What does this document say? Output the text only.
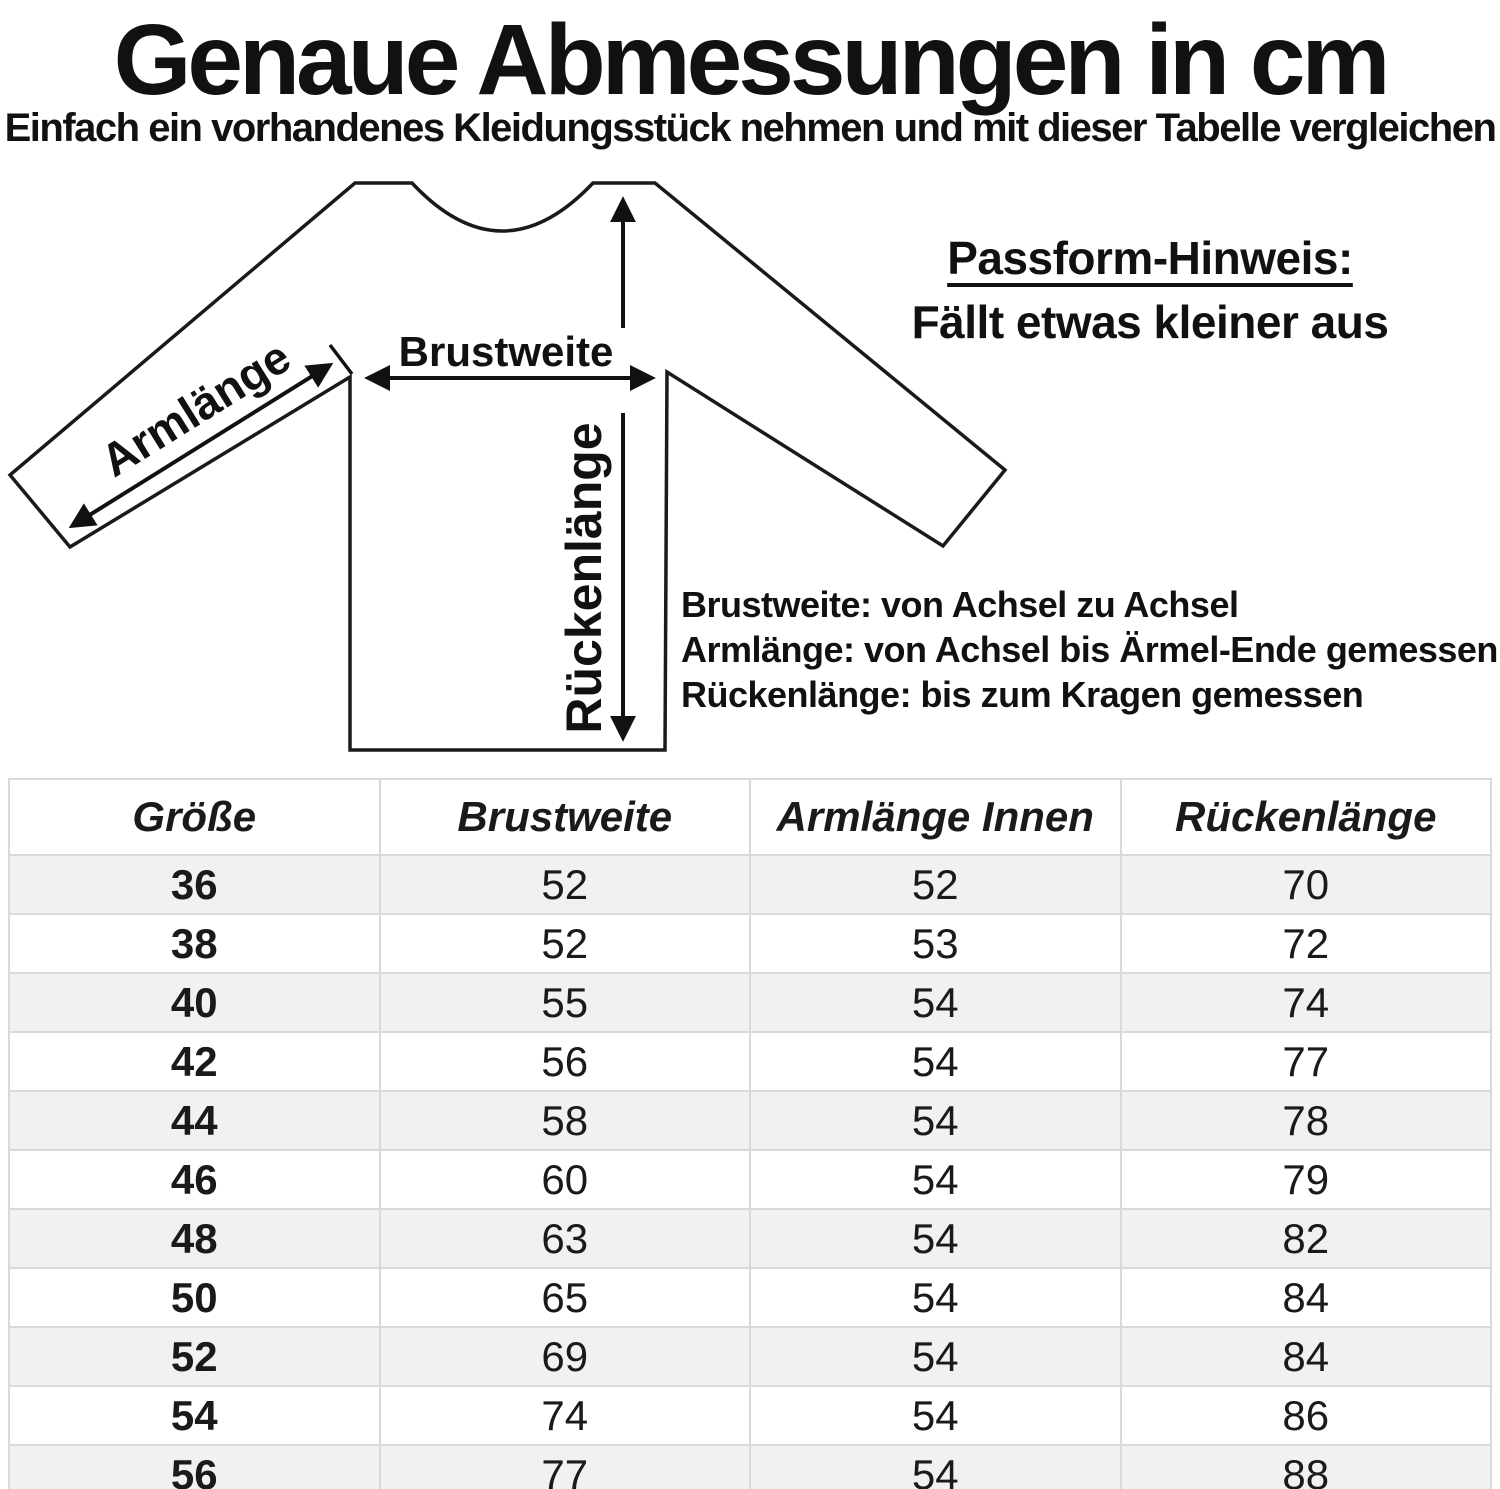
Genaue Abmessungen in cm
Einfach ein vorhandenes Kleidungsstück nehmen und mit dieser Tabelle vergleichen
Brustweite
Rückenlänge
Armlänge
Passform-Hinweis:
Fällt etwas kleiner aus
Brustweite: von Achsel zu Achsel
Armlänge: von Achsel bis Ärmel-Ende gemessen
Rückenlänge: bis zum Kragen gemessen
Größe	Brustweite	Armlänge Innen	Rückenlänge
36	52	52	70
38	52	53	72
40	55	54	74
42	56	54	77
44	58	54	78
46	60	54	79
48	63	54	82
50	65	54	84
52	69	54	84
54	74	54	86
56	77	54	88
